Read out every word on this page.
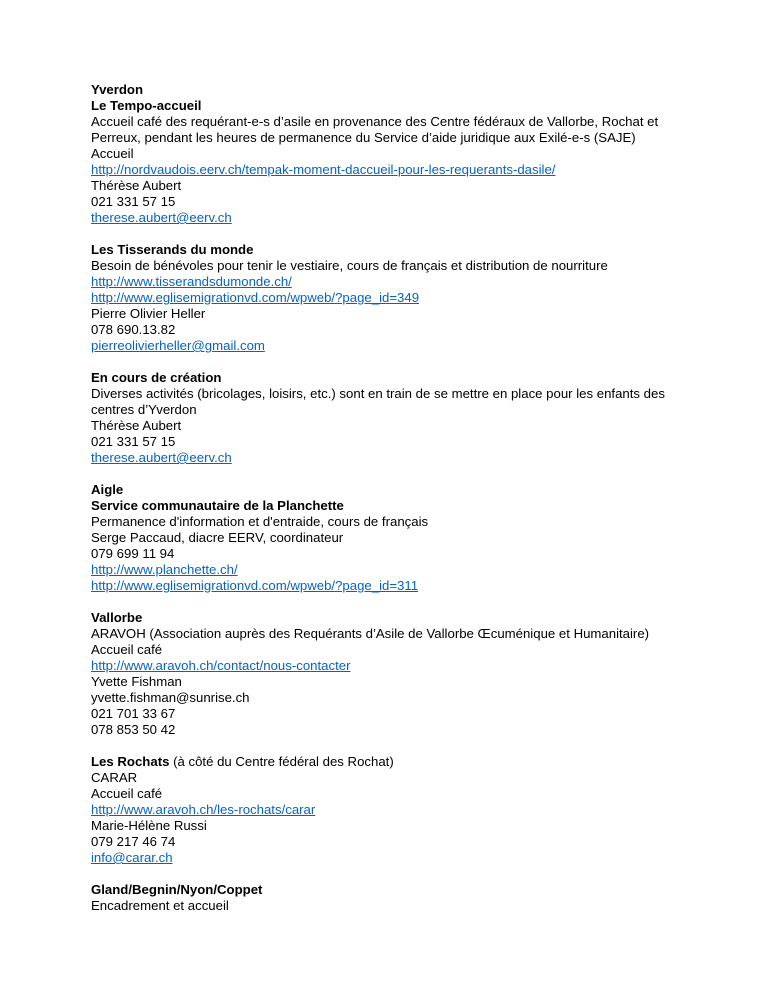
Yverdon
Le Tempo-accueil
Accueil café des requérant-e-s d’asile en provenance des Centre fédéraux de Vallorbe, Rochat et Perreux, pendant les heures de permanence du Service d’aide juridique aux Exilé-e-s (SAJE)
Accueil
http://nordvaudois.eerv.ch/tempak-moment-daccueil-pour-les-requerants-dasile/
Thérèse Aubert
021 331 57 15
therese.aubert@eerv.ch
Les Tisserands du monde
Besoin de bénévoles pour tenir le vestiaire, cours de français et distribution de nourriture
http://www.tisserandsdumonde.ch/
http://www.eglisemigrationvd.com/wpweb/?page_id=349
Pierre Olivier Heller
078 690.13.82
pierreolivierheller@gmail.com
En cours de création
Diverses activités (bricolages, loisirs, etc.) sont en train de se mettre en place pour les enfants des centres d’Yverdon
Thérèse Aubert
021 331 57 15
therese.aubert@eerv.ch
Aigle
Service communautaire de la Planchette
Permanence d'information et d'entraide, cours de français
Serge Paccaud, diacre EERV, coordinateur
079 699 11 94
http://www.planchette.ch/
http://www.eglisemigrationvd.com/wpweb/?page_id=311
Vallorbe
ARAVOH (Association auprès des Requérants d’Asile de Vallorbe Œcuménique et Humanitaire)
Accueil café
http://www.aravoh.ch/contact/nous-contacter
Yvette Fishman
yvette.fishman@sunrise.ch
021 701 33 67
078 853 50 42
Les Rochats (à côté du Centre fédéral des Rochat)
CARAR
Accueil café
http://www.aravoh.ch/les-rochats/carar
Marie-Hélène Russi
079 217 46 74
info@carar.ch
Gland/Begnin/Nyon/Coppet
Encadrement et accueil
